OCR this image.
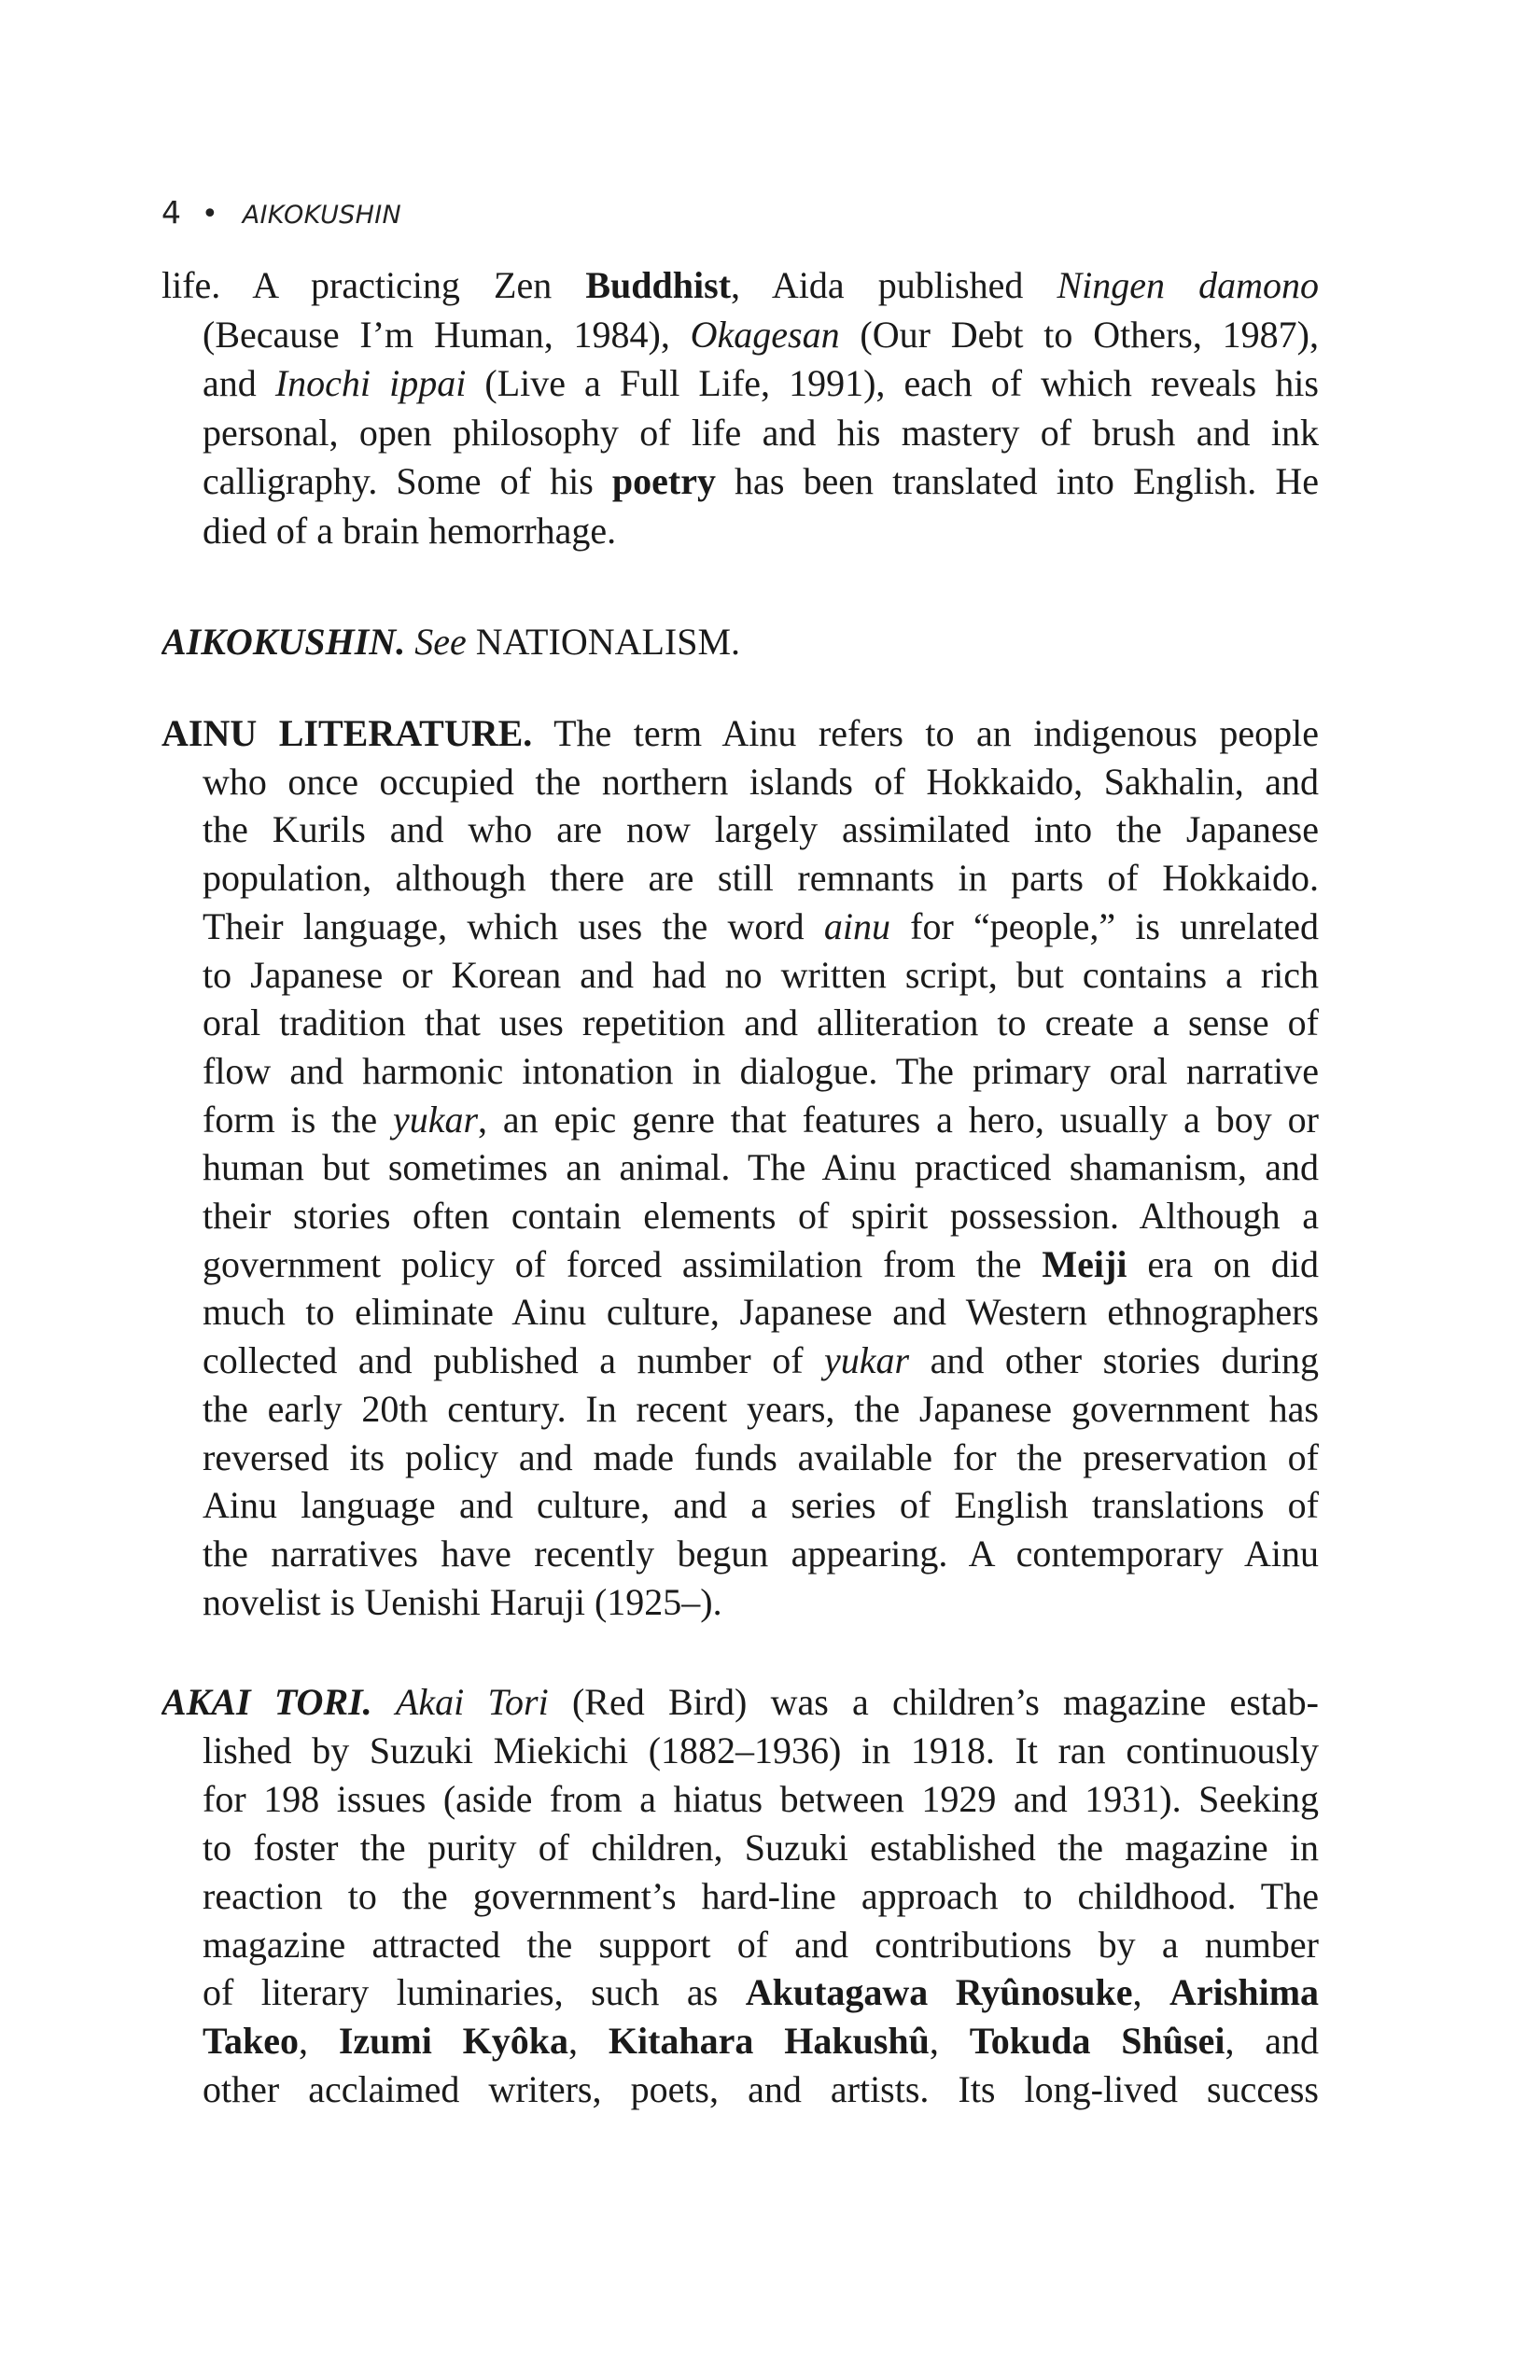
4 • AIKOKUSHIN
life. A practicing Zen Buddhist, Aida published Ningen damono
(Because I’m Human, 1984), Okagesan (Our Debt to Others, 1987),
and Inochi ippai (Live a Full Life, 1991), each of which reveals his
personal, open philosophy of life and his mastery of brush and ink
calligraphy. Some of his poetry has been translated into English. He
died of a brain hemorrhage.
AIKOKUSHIN. See NATIONALISM.
AINU LITERATURE. The term Ainu refers to an indigenous people
who once occupied the northern islands of Hokkaido, Sakhalin, and
the Kurils and who are now largely assimilated into the Japanese
population, although there are still remnants in parts of Hokkaido.
Their language, which uses the word ainu for “people,” is unrelated
to Japanese or Korean and had no written script, but contains a rich
oral tradition that uses repetition and alliteration to create a sense of
flow and harmonic intonation in dialogue. The primary oral narrative
form is the yukar, an epic genre that features a hero, usually a boy or
human but sometimes an animal. The Ainu practiced shamanism, and
their stories often contain elements of spirit possession. Although a
government policy of forced assimilation from the Meiji era on did
much to eliminate Ainu culture, Japanese and Western ethnographers
collected and published a number of yukar and other stories during
the early 20th century. In recent years, the Japanese government has
reversed its policy and made funds available for the preservation of
Ainu language and culture, and a series of English translations of
the narratives have recently begun appearing. A contemporary Ainu
novelist is Uenishi Haruji (1925–).
AKAI TORI. Akai Tori (Red Bird) was a children’s magazine estab-
lished by Suzuki Miekichi (1882–1936) in 1918. It ran continuously
for 198 issues (aside from a hiatus between 1929 and 1931). Seeking
to foster the purity of children, Suzuki established the magazine in
reaction to the government’s hard-line approach to childhood. The
magazine attracted the support of and contributions by a number
of literary luminaries, such as Akutagawa Ryûnosuke, Arishima
Takeo, Izumi Kyôka, Kitahara Hakushû, Tokuda Shûsei, and
other acclaimed writers, poets, and artists. Its long-lived success
